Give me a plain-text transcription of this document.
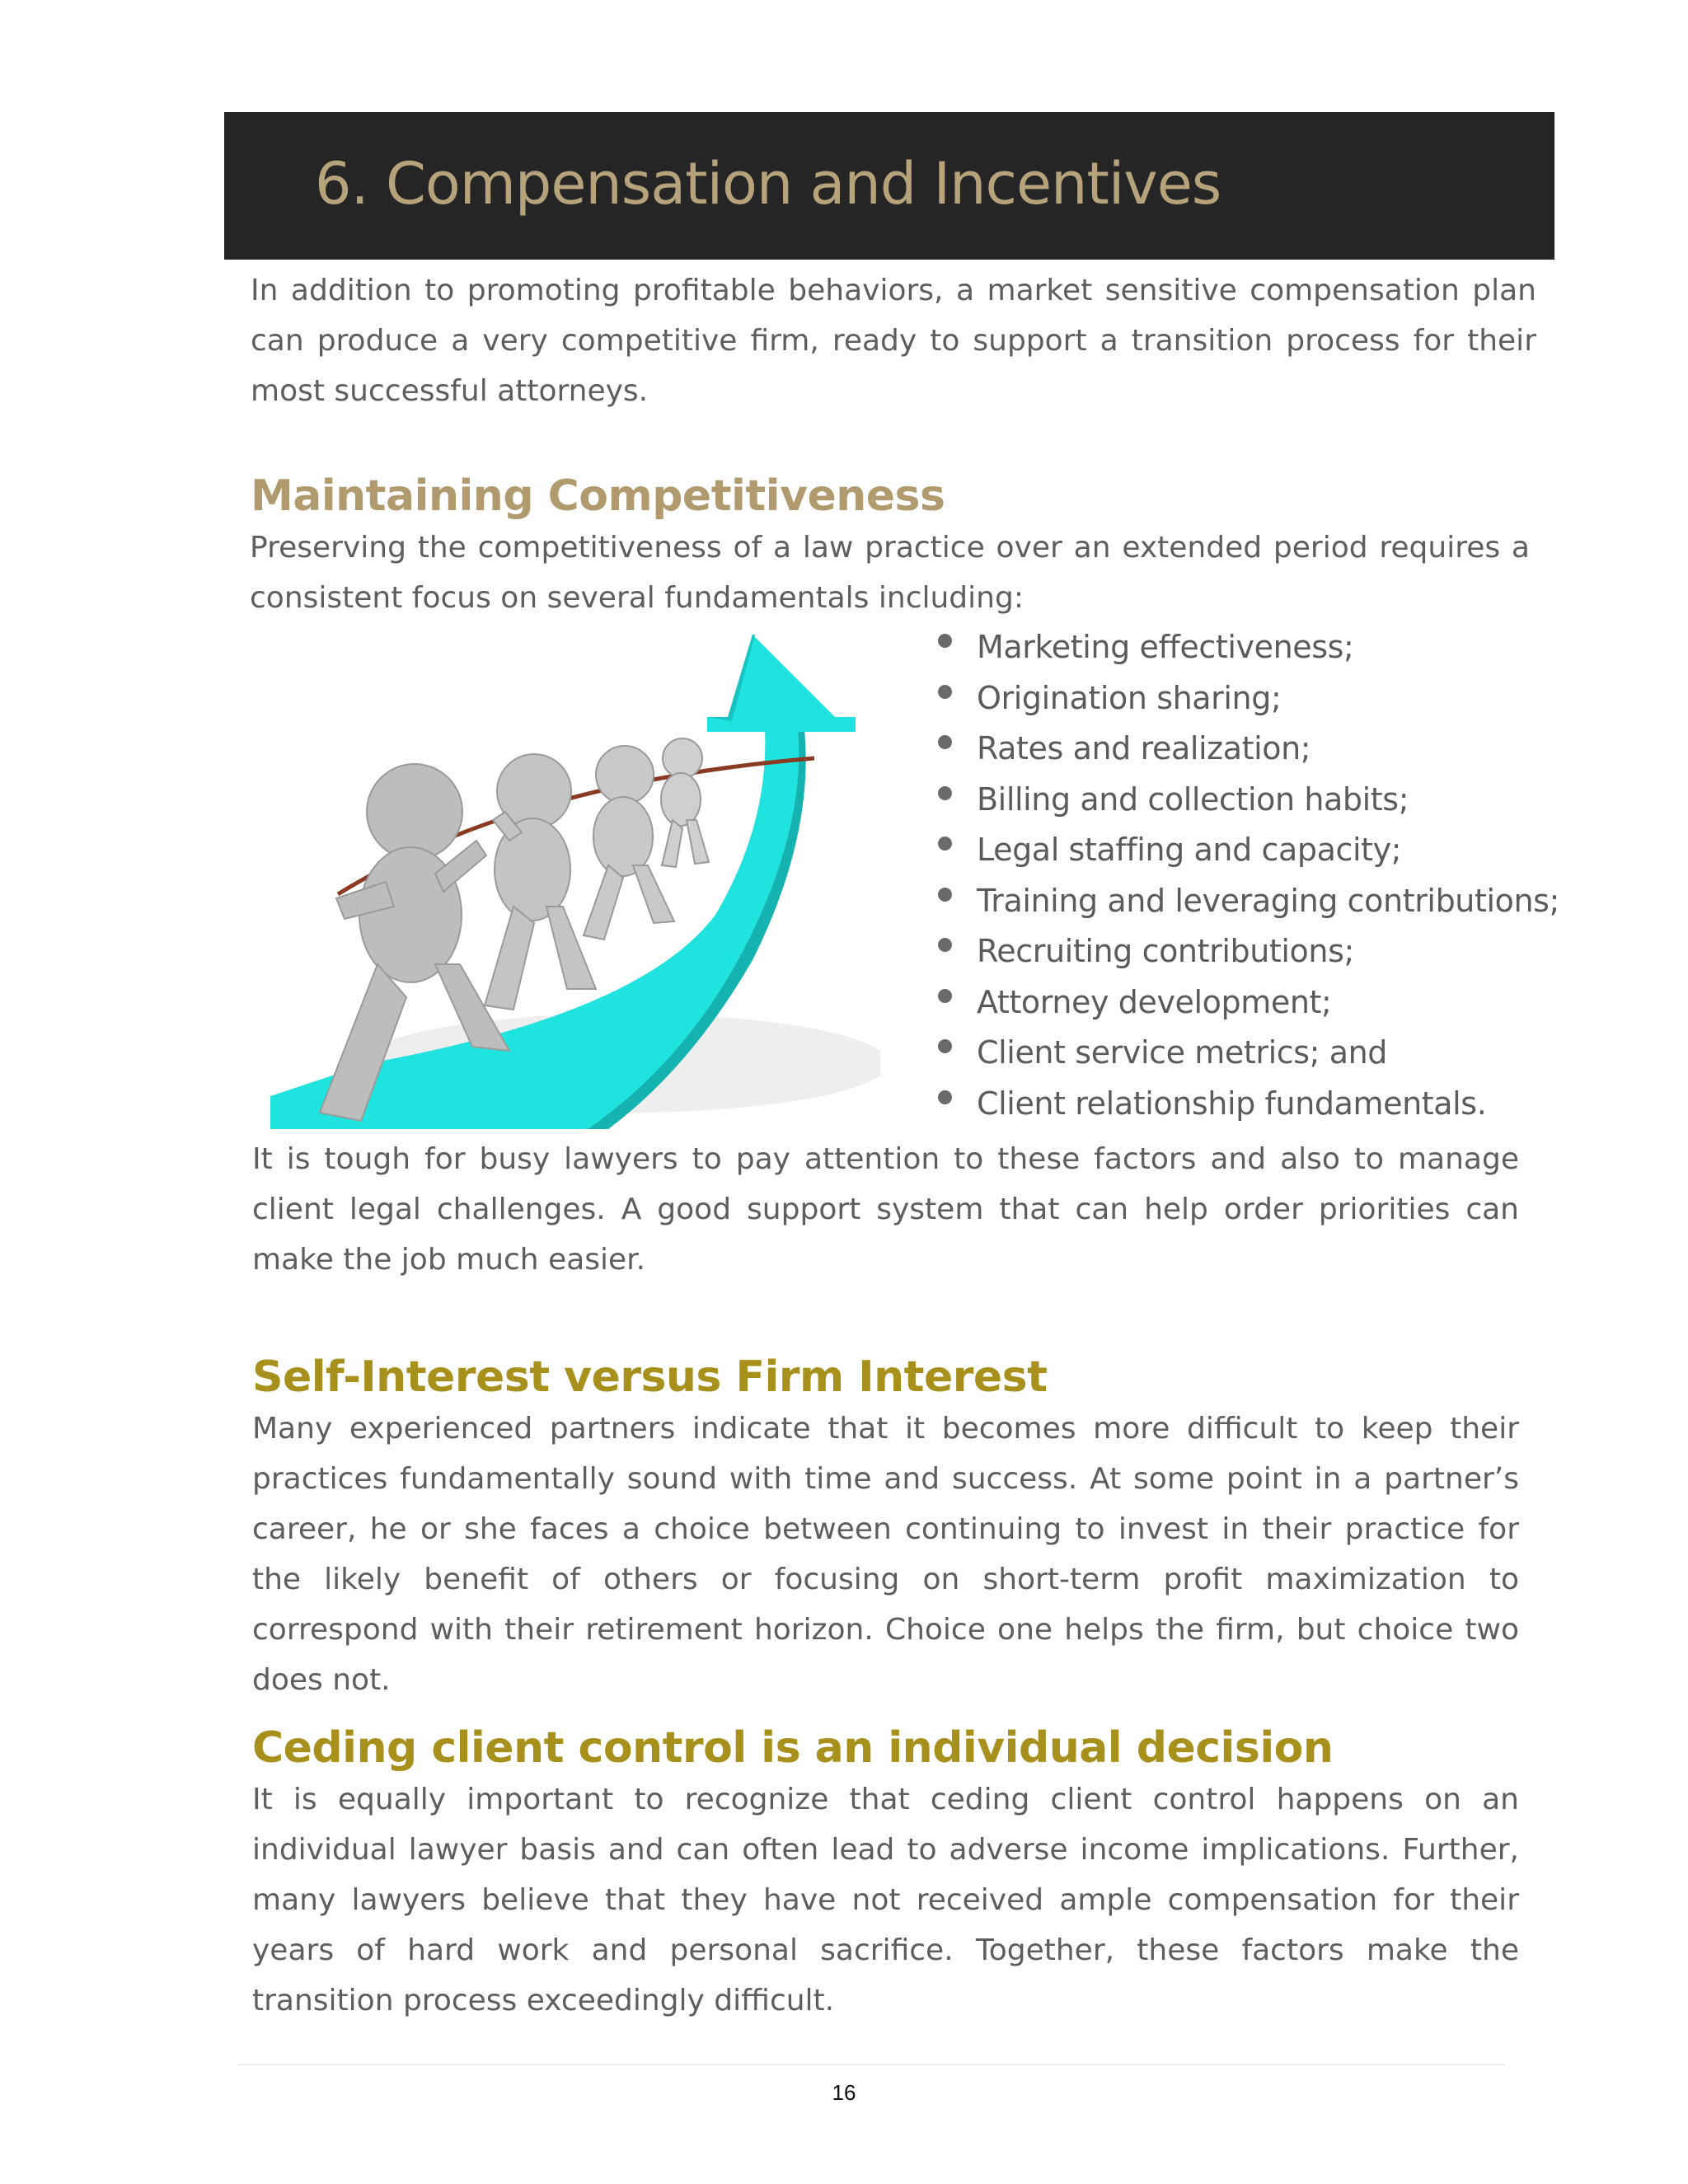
6. Compensation and Incentives

In addition to promoting profitable behaviors, a market sensitive compensation plan can produce a very competitive firm, ready to support a transition process for their most successful attorneys.

Maintaining Competitiveness

Preserving the competitiveness of a law practice over an extended period requires a consistent focus on several fundamentals including:

Marketing effectiveness;
Origination sharing;
Rates and realization;
Billing and collection habits;
Legal staffing and capacity;
Training and leveraging contributions;
Recruiting contributions;
Attorney development;
Client service metrics; and
Client relationship fundamentals.

It is tough for busy lawyers to pay attention to these factors and also to manage client legal challenges. A good support system that can help order priorities can make the job much easier.

Self-Interest versus Firm Interest

Many experienced partners indicate that it becomes more difficult to keep their practices fundamentally sound with time and success. At some point in a partner’s career, he or she faces a choice between continuing to invest in their practice for the likely benefit of others or focusing on short-term profit maximization to correspond with their retirement horizon. Choice one helps the firm, but choice two does not.

Ceding client control is an individual decision

It is equally important to recognize that ceding client control happens on an individual lawyer basis and can often lead to adverse income implications. Further, many lawyers believe that they have not received ample compensation for their years of hard work and personal sacrifice. Together, these factors make the transition process exceedingly difficult.

16
